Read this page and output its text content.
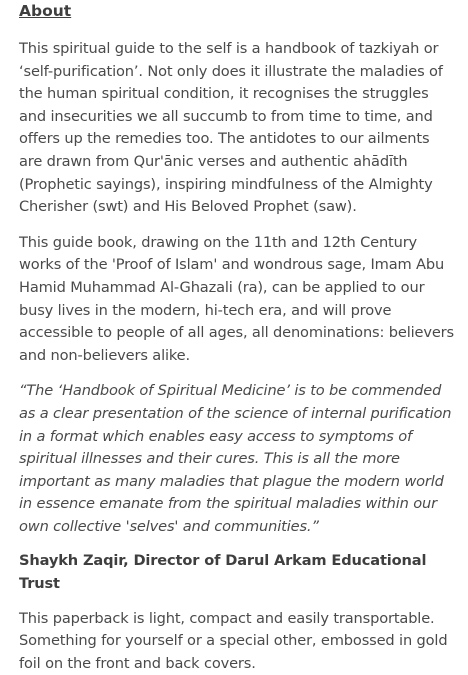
About

This spiritual guide to the self is a handbook of tazkiyah or ‘self-purification’. Not only does it illustrate the maladies of the human spiritual condition, it recognises the struggles and insecurities we all succumb to from time to time, and offers up the remedies too. The antidotes to our ailments are drawn from Qur'ānic verses and authentic ahādīth (Prophetic sayings), inspiring mindfulness of the Almighty Cherisher (swt) and His Beloved Prophet (saw).

This guide book, drawing on the 11th and 12th Century works of the 'Proof of Islam' and wondrous sage, Imam Abu Hamid Muhammad Al-Ghazali (ra), can be applied to our busy lives in the modern, hi-tech era, and will prove accessible to people of all ages, all denominations: believers and non-believers alike.

“The ‘Handbook of Spiritual Medicine’ is to be commended as a clear presentation of the science of internal purification in a format which enables easy access to symptoms of spiritual illnesses and their cures. This is all the more important as many maladies that plague the modern world in essence emanate from the spiritual maladies within our own collective 'selves' and communities.”

Shaykh Zaqir, Director of Darul Arkam Educational Trust

This paperback is light, compact and easily transportable. Something for yourself or a special other, embossed in gold foil on the front and back covers.
